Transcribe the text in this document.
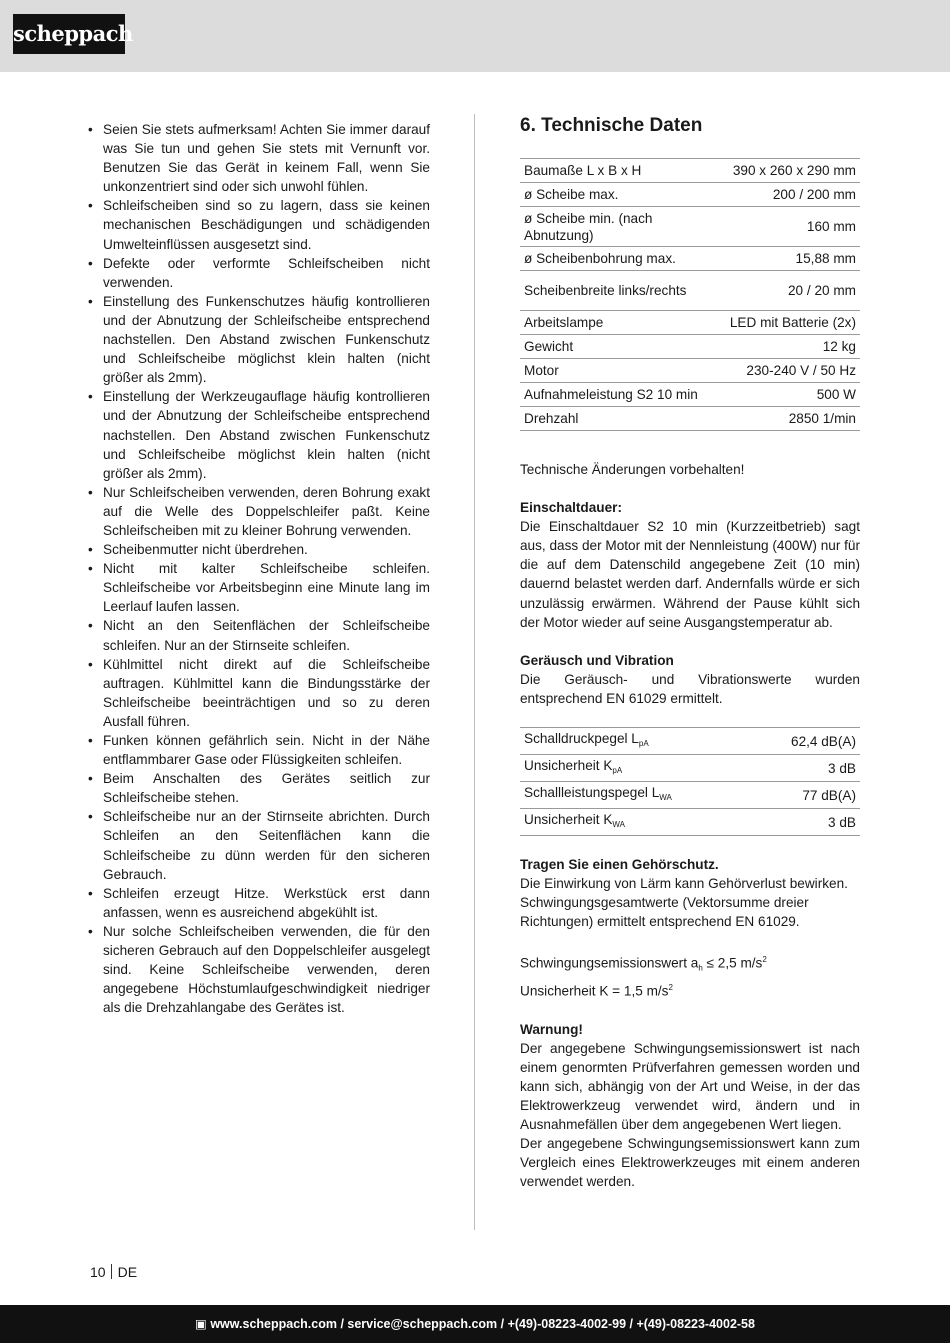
scheppach
• Seien Sie stets aufmerksam! Achten Sie immer darauf was Sie tun und gehen Sie stets mit Vernunft vor. Benutzen Sie das Gerät in keinem Fall, wenn Sie unkonzentriert sind oder sich unwohl fühlen.
• Schleifscheiben sind so zu lagern, dass sie keinen mechanischen Beschädigungen und schädigenden Umwelteinflüssen ausgesetzt sind.
• Defekte oder verformte Schleifscheiben nicht verwenden.
• Einstellung des Funkenschutzes häufig kontrollieren und der Abnutzung der Schleifscheibe entsprechend nachstellen. Den Abstand zwischen Funkenschutz und Schleifscheibe möglichst klein halten (nicht größer als 2mm).
• Einstellung der Werkzeugauflage häufig kontrollieren und der Abnutzung der Schleifscheibe entsprechend nachstellen. Den Abstand zwischen Funkenschutz und Schleifscheibe möglichst klein halten (nicht größer als 2mm).
• Nur Schleifscheiben verwenden, deren Bohrung exakt auf die Welle des Doppelschleifer paßt. Keine Schleifscheiben mit zu kleiner Bohrung verwenden.
• Scheibenmutter nicht überdrehen.
• Nicht mit kalter Schleifscheibe schleifen. Schleifscheibe vor Arbeitsbeginn eine Minute lang im Leerlauf laufen lassen.
• Nicht an den Seitenflächen der Schleifscheibe schleifen. Nur an der Stirnseite schleifen.
• Kühlmittel nicht direkt auf die Schleifscheibe auftragen. Kühlmittel kann die Bindungsstärke der Schleifscheibe beeinträchtigen und so zu deren Ausfall führen.
• Funken können gefährlich sein. Nicht in der Nähe entflammbarer Gase oder Flüssigkeiten schleifen.
• Beim Anschalten des Gerätes seitlich zur Schleifscheibe stehen.
• Schleifscheibe nur an der Stirnseite abrichten. Durch Schleifen an den Seitenflächen kann die Schleifscheibe zu dünn werden für den sicheren Gebrauch.
• Schleifen erzeugt Hitze. Werkstück erst dann anfassen, wenn es ausreichend abgekühlt ist.
• Nur solche Schleifscheiben verwenden, die für den sicheren Gebrauch auf den Doppelschleifer ausgelegt sind. Keine Schleifscheibe verwenden, deren angegebene Höchstumlaufgeschwindigkeit niedriger als die Drehzahlangabe des Gerätes ist.
6. Technische Daten
Baumaße L x B x H	390 x 260 x 290 mm
ø Scheibe max.	200 / 200 mm
ø Scheibe min. (nach Abnutzung)	160 mm
ø Scheibenbohrung max.	15,88 mm
Scheibenbreite links/rechts	20 / 20 mm
Arbeitslampe	LED mit Batterie (2x)
Gewicht	12 kg
Motor	230-240 V / 50 Hz
Aufnahmeleistung S2 10 min	500 W
Drehzahl	2850 1/min

Technische Änderungen vorbehalten!

Einschaltdauer:

Die Einschaltdauer S2 10 min (Kurzzeitbetrieb) sagt aus, dass der Motor mit der Nennleistung (400W) nur für die auf dem Datenschild angegebene Zeit (10 min) dauernd belastet werden darf. Andernfalls würde er sich unzulässig erwärmen. Während der Pause kühlt sich der Motor wieder auf seine Ausgangstemperatur ab.

Geräusch und Vibration

Die Geräusch- und Vibrationswerte wurden entsprechend EN 61029 ermittelt.

Schalldruckpegel $L_{pA}$	62,4 dB(A)
Unsicherheit $K_{pA}$	3 dB
Schallleistungspegel $L_{WA}$	77 dB(A)
Unsicherheit $K_{WA}$	3 dB

Tragen Sie einen Gehörschutz.

Die Einwirkung von Lärm kann Gehörverlust bewirken.

Schwingungsgesamtwerte (Vektorsumme dreier Richtungen) ermittelt entsprechend EN 61029.

Schwingungsemissionswert $a_h \le 2,5$ $m/s^2$

Unsicherheit K = 1,5 $m/s^2$

Warnung!

Der angegebene Schwingungsemissionswert ist nach einem genormten Prüfverfahren gemessen worden und kann sich, abhängig von der Art und Weise, in der das Elektrowerkzeug verwendet wird, ändern und in Ausnahmefällen über dem angegebenen Wert liegen.

Der angegebene Schwingungsemissionswert kann zum Vergleich eines Elektrowerkzeuges mit einem anderen verwendet werden.

10 DE
▣ www.scheppach.com / service@scheppach.com / +(49)-08223-4002-99 / +(49)-08223-4002-58
